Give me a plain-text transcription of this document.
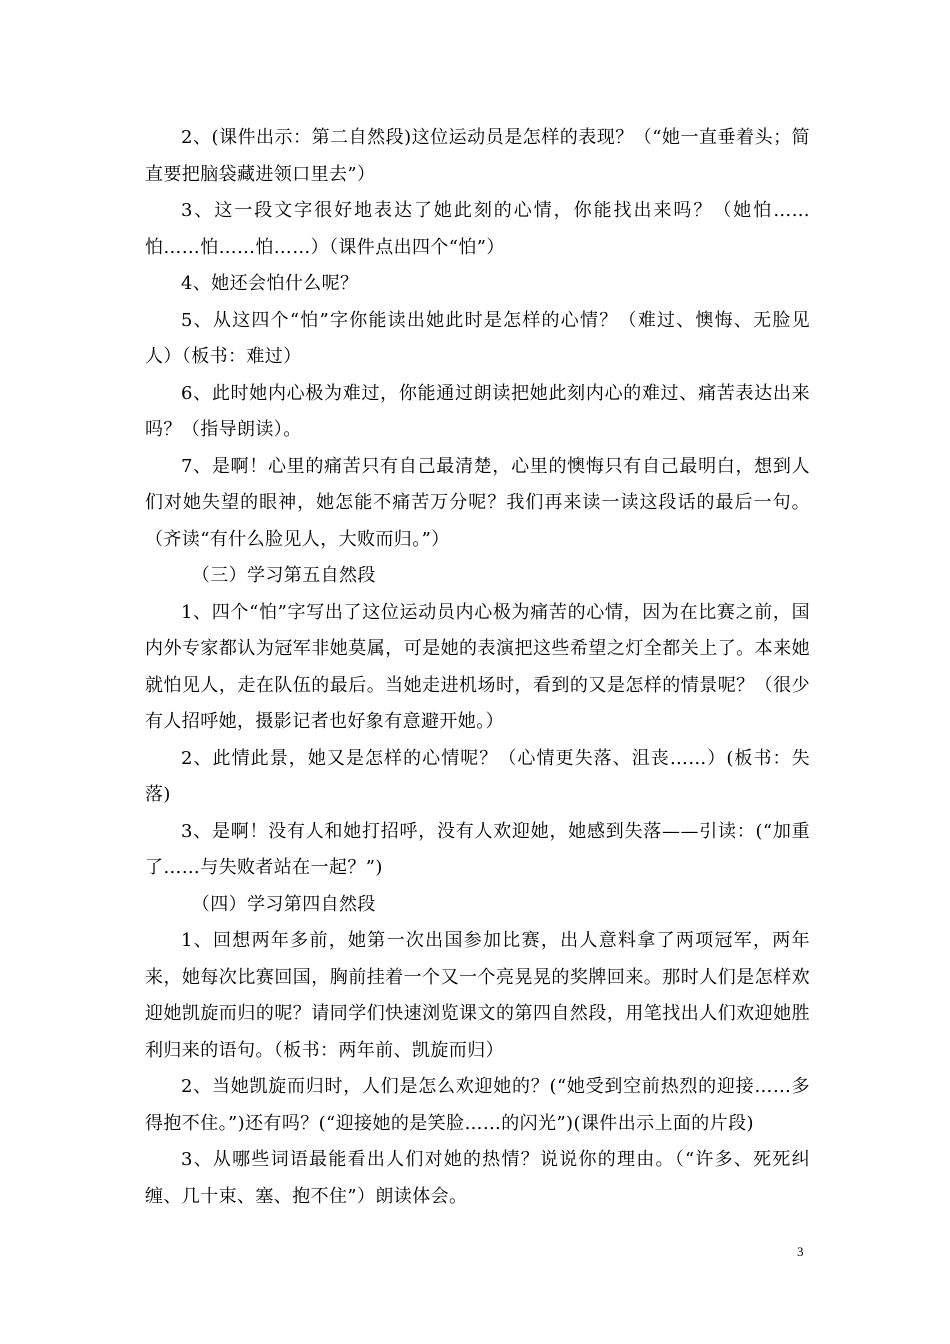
2、(课件出示：第二自然段)这位运动员是怎样的表现？（“她一直垂着头；简直要把脑袋藏进领口里去”）

3、这一段文字很好地表达了她此刻的心情，你能找出来吗？（她怕……怕……怕……怕……）（课件点出四个“怕”）

4、她还会怕什么呢？

5、从这四个“怕”字你能读出她此时是怎样的心情？（难过、懊悔、无脸见人）（板书：难过）

6、此时她内心极为难过，你能通过朗读把她此刻内心的难过、痛苦表达出来吗？（指导朗读）。

7、是啊！心里的痛苦只有自己最清楚，心里的懊悔只有自己最明白，想到人们对她失望的眼神，她怎能不痛苦万分呢？我们再来读一读这段话的最后一句。（齐读“有什么脸见人，大败而归。”）

（三）学习第五自然段

1、四个“怕”字写出了这位运动员内心极为痛苦的心情，因为在比赛之前，国内外专家都认为冠军非她莫属，可是她的表演把这些希望之灯全都关上了。本来她就怕见人，走在队伍的最后。当她走进机场时，看到的又是怎样的情景呢？（很少有人招呼她，摄影记者也好象有意避开她。）

2、此情此景，她又是怎样的心情呢？（心情更失落、沮丧……）(板书：失落)

3、是啊！没有人和她打招呼，没有人欢迎她，她感到失落——引读：(“加重了……与失败者站在一起？”)

（四）学习第四自然段

1、回想两年多前，她第一次出国参加比赛，出人意料拿了两项冠军，两年来，她每次比赛回国，胸前挂着一个又一个亮晃晃的奖牌回来。那时人们是怎样欢迎她凯旋而归的呢？请同学们快速浏览课文的第四自然段，用笔找出人们欢迎她胜利归来的语句。（板书：两年前、凯旋而归）

2、当她凯旋而归时，人们是怎么欢迎她的？(“她受到空前热烈的迎接……多得抱不住。”)还有吗？(“迎接她的是笑脸……的闪光”)(课件出示上面的片段)

3、从哪些词语最能看出人们对她的热情？说说你的理由。（“许多、死死纠缠、几十束、塞、抱不住”）朗读体会。

3
